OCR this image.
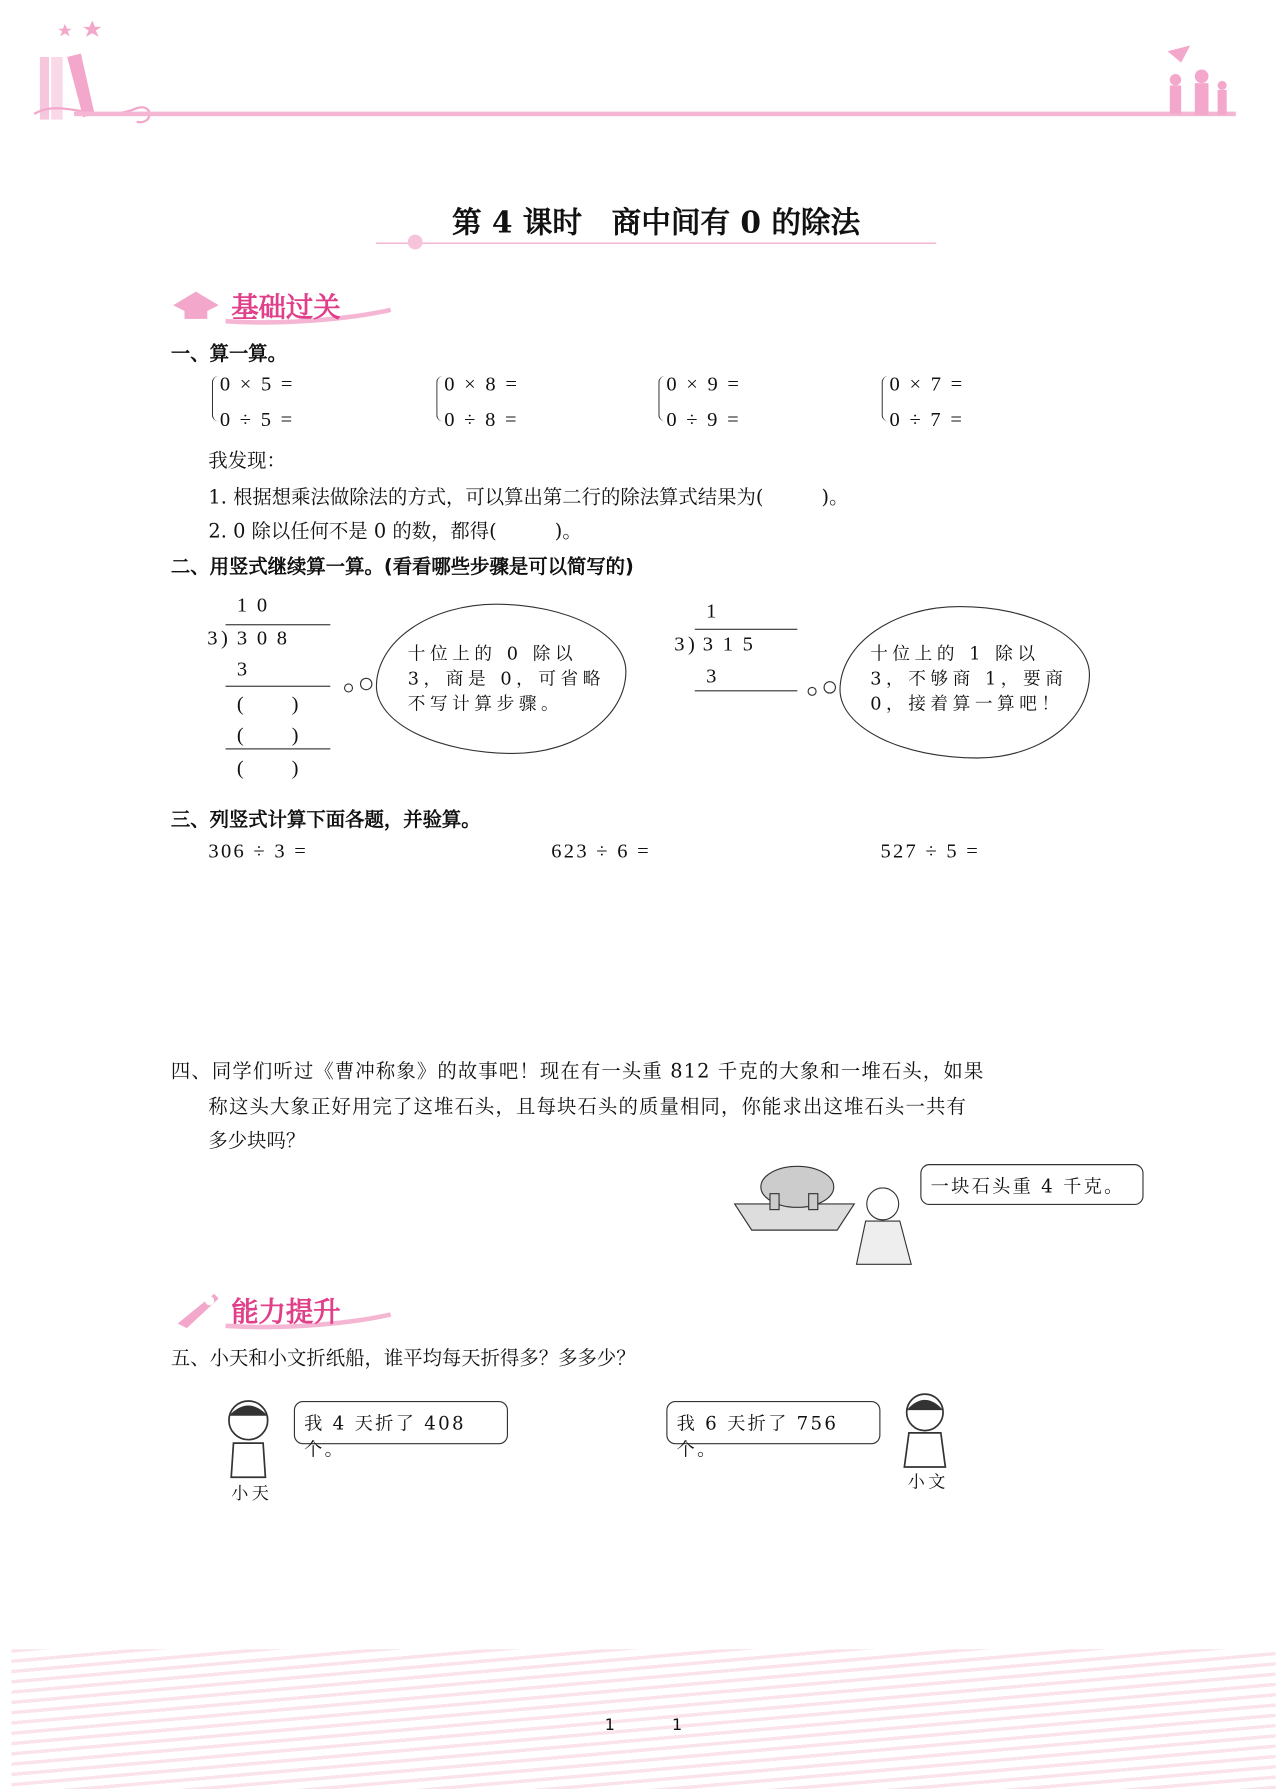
第 4 课时　商中间有 0 的除法
基础过关
一、算一算。
0 × 5 =
0 ÷ 5 =
0 × 8 =
0 ÷ 8 =
0 × 9 =
0 ÷ 9 =
0 × 7 =
0 ÷ 7 =
我发现：
1. 根据想乘法做除法的方式，可以算出第二行的除法算式结果为(　　　)。
2. 0 除以任何不是 0 的数，都得(　　　)。
二、用竖式继续算一算。(看看哪些步骤是可以简写的)
1 0
3 ) 3 0 8
3
(　　)
(　　)
(　　)
十位上的 0 除以
3，商是 0，可省略
不写计算步骤。
1
3 ) 3 1 5
3
十位上的 1 除以
3，不够商 1，要商
0，接着算一算吧！
三、列竖式计算下面各题，并验算。
306 ÷ 3 =	623 ÷ 6 =	527 ÷ 5 =
四、同学们听过《曹冲称象》的故事吧！现在有一头重 812 千克的大象和一堆石头，如果
称这头大象正好用完了这堆石头，且每块石头的质量相同，你能求出这堆石头一共有
多少块吗？
一块石头重 4 千克。
能力提升
五、小天和小文折纸船，谁平均每天折得多？多多少？
小天
我 4 天折了 408 个。
我 6 天折了 756 个。
小文
1	1
